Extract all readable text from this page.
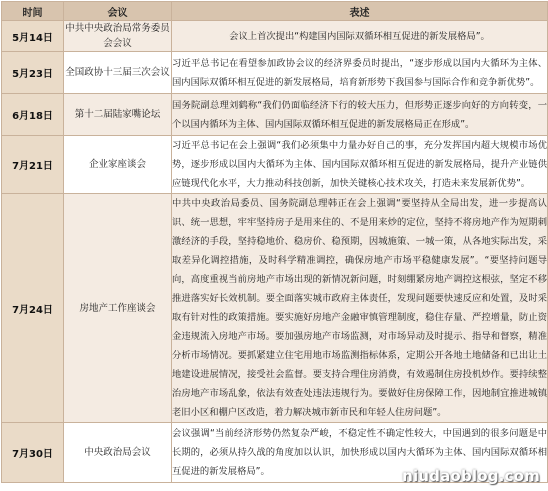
时间	会议	表述
5月14日	中共中央政治局常务委员会会议	会议上首次提出“构建国内国际双循环相互促进的新发展格局”。
5月23日	全国政协十三届三次会议	习近平总书记在看望参加政协会议的经济界委员时提出，“逐步形成以国内大循环为主体、国内国际双循环相互促进的新发展格局，培育新形势下我国参与国际合作和竞争新优势”。
6月18日	第十二届陆家嘴论坛	国务院副总理刘鹤称“我们仍面临经济下行的较大压力，但形势正逐步向好的方向转变，一个以国内循环为主体、国内国际双循环相互促进的新发展格局正在形成”。
7月21日	企业家座谈会	习近平总书记在会上强调“我们必须集中力量办好自己的事，充分发挥国内超大规模市场优势，逐步形成以国内大循环为主体、国内国际双循环相互促进的新发展格局，提升产业链供应链现代化水平，大力推动科技创新，加快关键核心技术攻关，打造未来发展新优势”。
7月24日	房地产工作座谈会	中共中央政治局委员、国务院副总理韩正在会上强调“要坚持从全局出发，进一步提高认识、统一思想，牢牢坚持房子是用来住的、不是用来炒的定位，坚持不将房地产作为短期刺激经济的手段，坚持稳地价、稳房价、稳预期，因城施策、一城一策，从各地实际出发，采取差异化调控措施，及时科学精准调控，确保房地产市场平稳健康发展”。“要坚持问题导向，高度重视当前房地产市场出现的新情况新问题，时刻绷紧房地产调控这根弦，坚定不移推进落实好长效机制。要全面落实城市政府主体责任，发现问题要快速反应和处置，及时采取有针对性的政策措施。要实施好房地产金融审慎管理制度，稳住存量、严控增量，防止资金违规流入房地产市场。要加强房地产市场监测，对市场异动及时提示、指导和督察，精准分析市场情况。要抓紧建立住宅用地市场监测指标体系，定期公开各地土地储备和已出让土地建设进展情况，接受社会监督。要支持合理住房消费，有效遏制住房投机炒作。要持续整治房地产市场乱象，依法有效查处违法违规行为。要做好住房保障工作，因地制宜推进城镇老旧小区和棚户区改造，着力解决城市新市民和年轻人住房问题”。
7月30日	中央政治局会议	会议强调“当前经济形势仍然复杂严峻，不稳定性不确定性较大，中国遇到的很多问题是中长期的，必须从持久战的角度加以认识，加快形成以国内大循环为主体、国内国际双循环相互促进的新发展格局”。	niudaoblog.com
